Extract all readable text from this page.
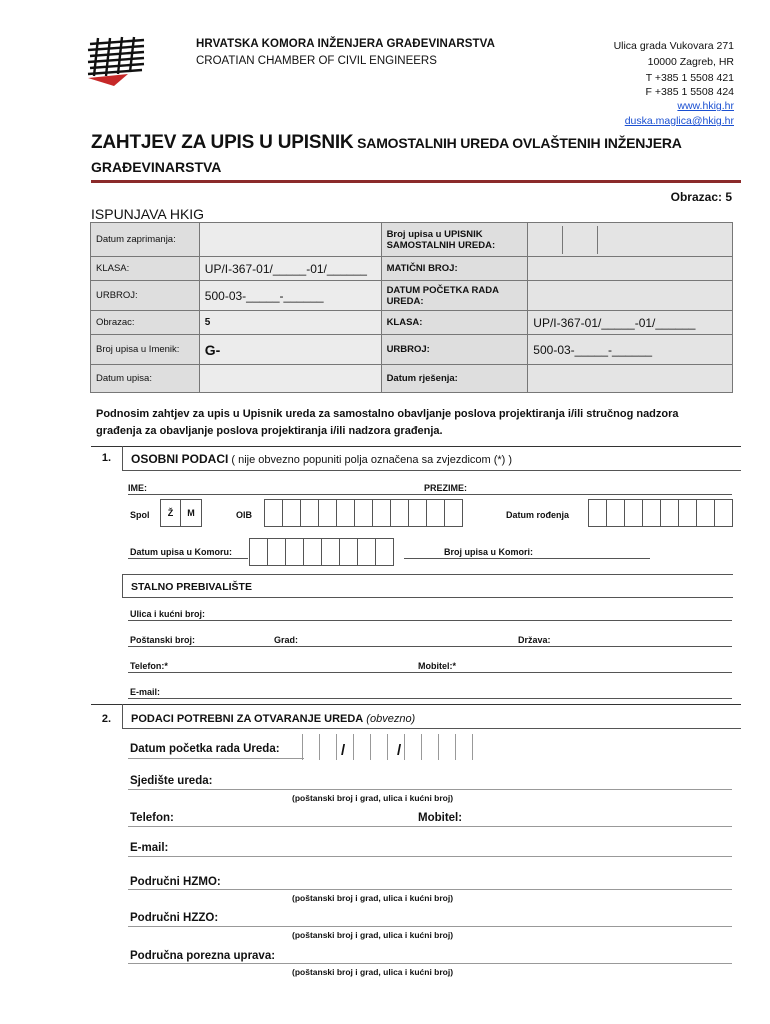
HRVATSKA KOMORA INŽENJERA GRAĐEVINARSTVA
CROATIAN CHAMBER OF CIVIL ENGINEERS
Ulica grada Vukovara 271
10000 Zagreb, HR
T +385 1 5508 421
F +385 1 5508 424
www.hkig.hr
duska.maglica@hkig.hr
ZAHTJEV ZA UPIS U UPISNIK SAMOSTALNIH UREDA OVLAŠTENIH INŽENJERA
GRAĐEVINARSTVA
Obrazac: 5
ISPUNJAVA HKIG
Datum zaprimanja:		Broj upisa u UPISNIK SAMOSTALNIH UREDA:	

KLASA:	UP/I-367-01/_____-01/______	MATIČNI BROJ:	
URBROJ:	500-03-_____-______	DATUM POČETKA RADA UREDA:	
Obrazac:	5	KLASA:	UP/I-367-01/_____-01/______
Broj upisa u Imenik:	G-	URBROJ:	500-03-_____-______
Datum upisa:		Datum rješenja:	
Podnosim zahtjev za upis u Upisnik ureda za samostalno obavljanje poslova projektiranja i/ili stručnog nadzora građenja za obavljanje poslova projektiranja i/ili nadzora građenja.
1.	OSOBNI PODACI ( nije obvezno popuniti polja označena sa zvjezdicom (*) )
IME:	PREZIME:
Spol	Ž	M	OIB	Datum rođenja
Datum upisa u Komoru:	Broj upisa u Komori:
STALNO PREBIVALIŠTE
Ulica i kućni broj:
Poštanski broj:	Grad:	Država:
Telefon:*	Mobitel:*
E-mail:
2.	PODACI POTREBNI ZA OTVARANJE UREDA (obvezno)
Datum početka rada Ureda:	/	/
Sjedište ureda:
(poštanski broj i grad, ulica i kućni broj)
Telefon:	Mobitel:
E-mail:
Područni HZMO:
(poštanski broj i grad, ulica i kućni broj)
Područni HZZO:
(poštanski broj i grad, ulica i kućni broj)
Područna porezna uprava:
(poštanski broj i grad, ulica i kućni broj)
